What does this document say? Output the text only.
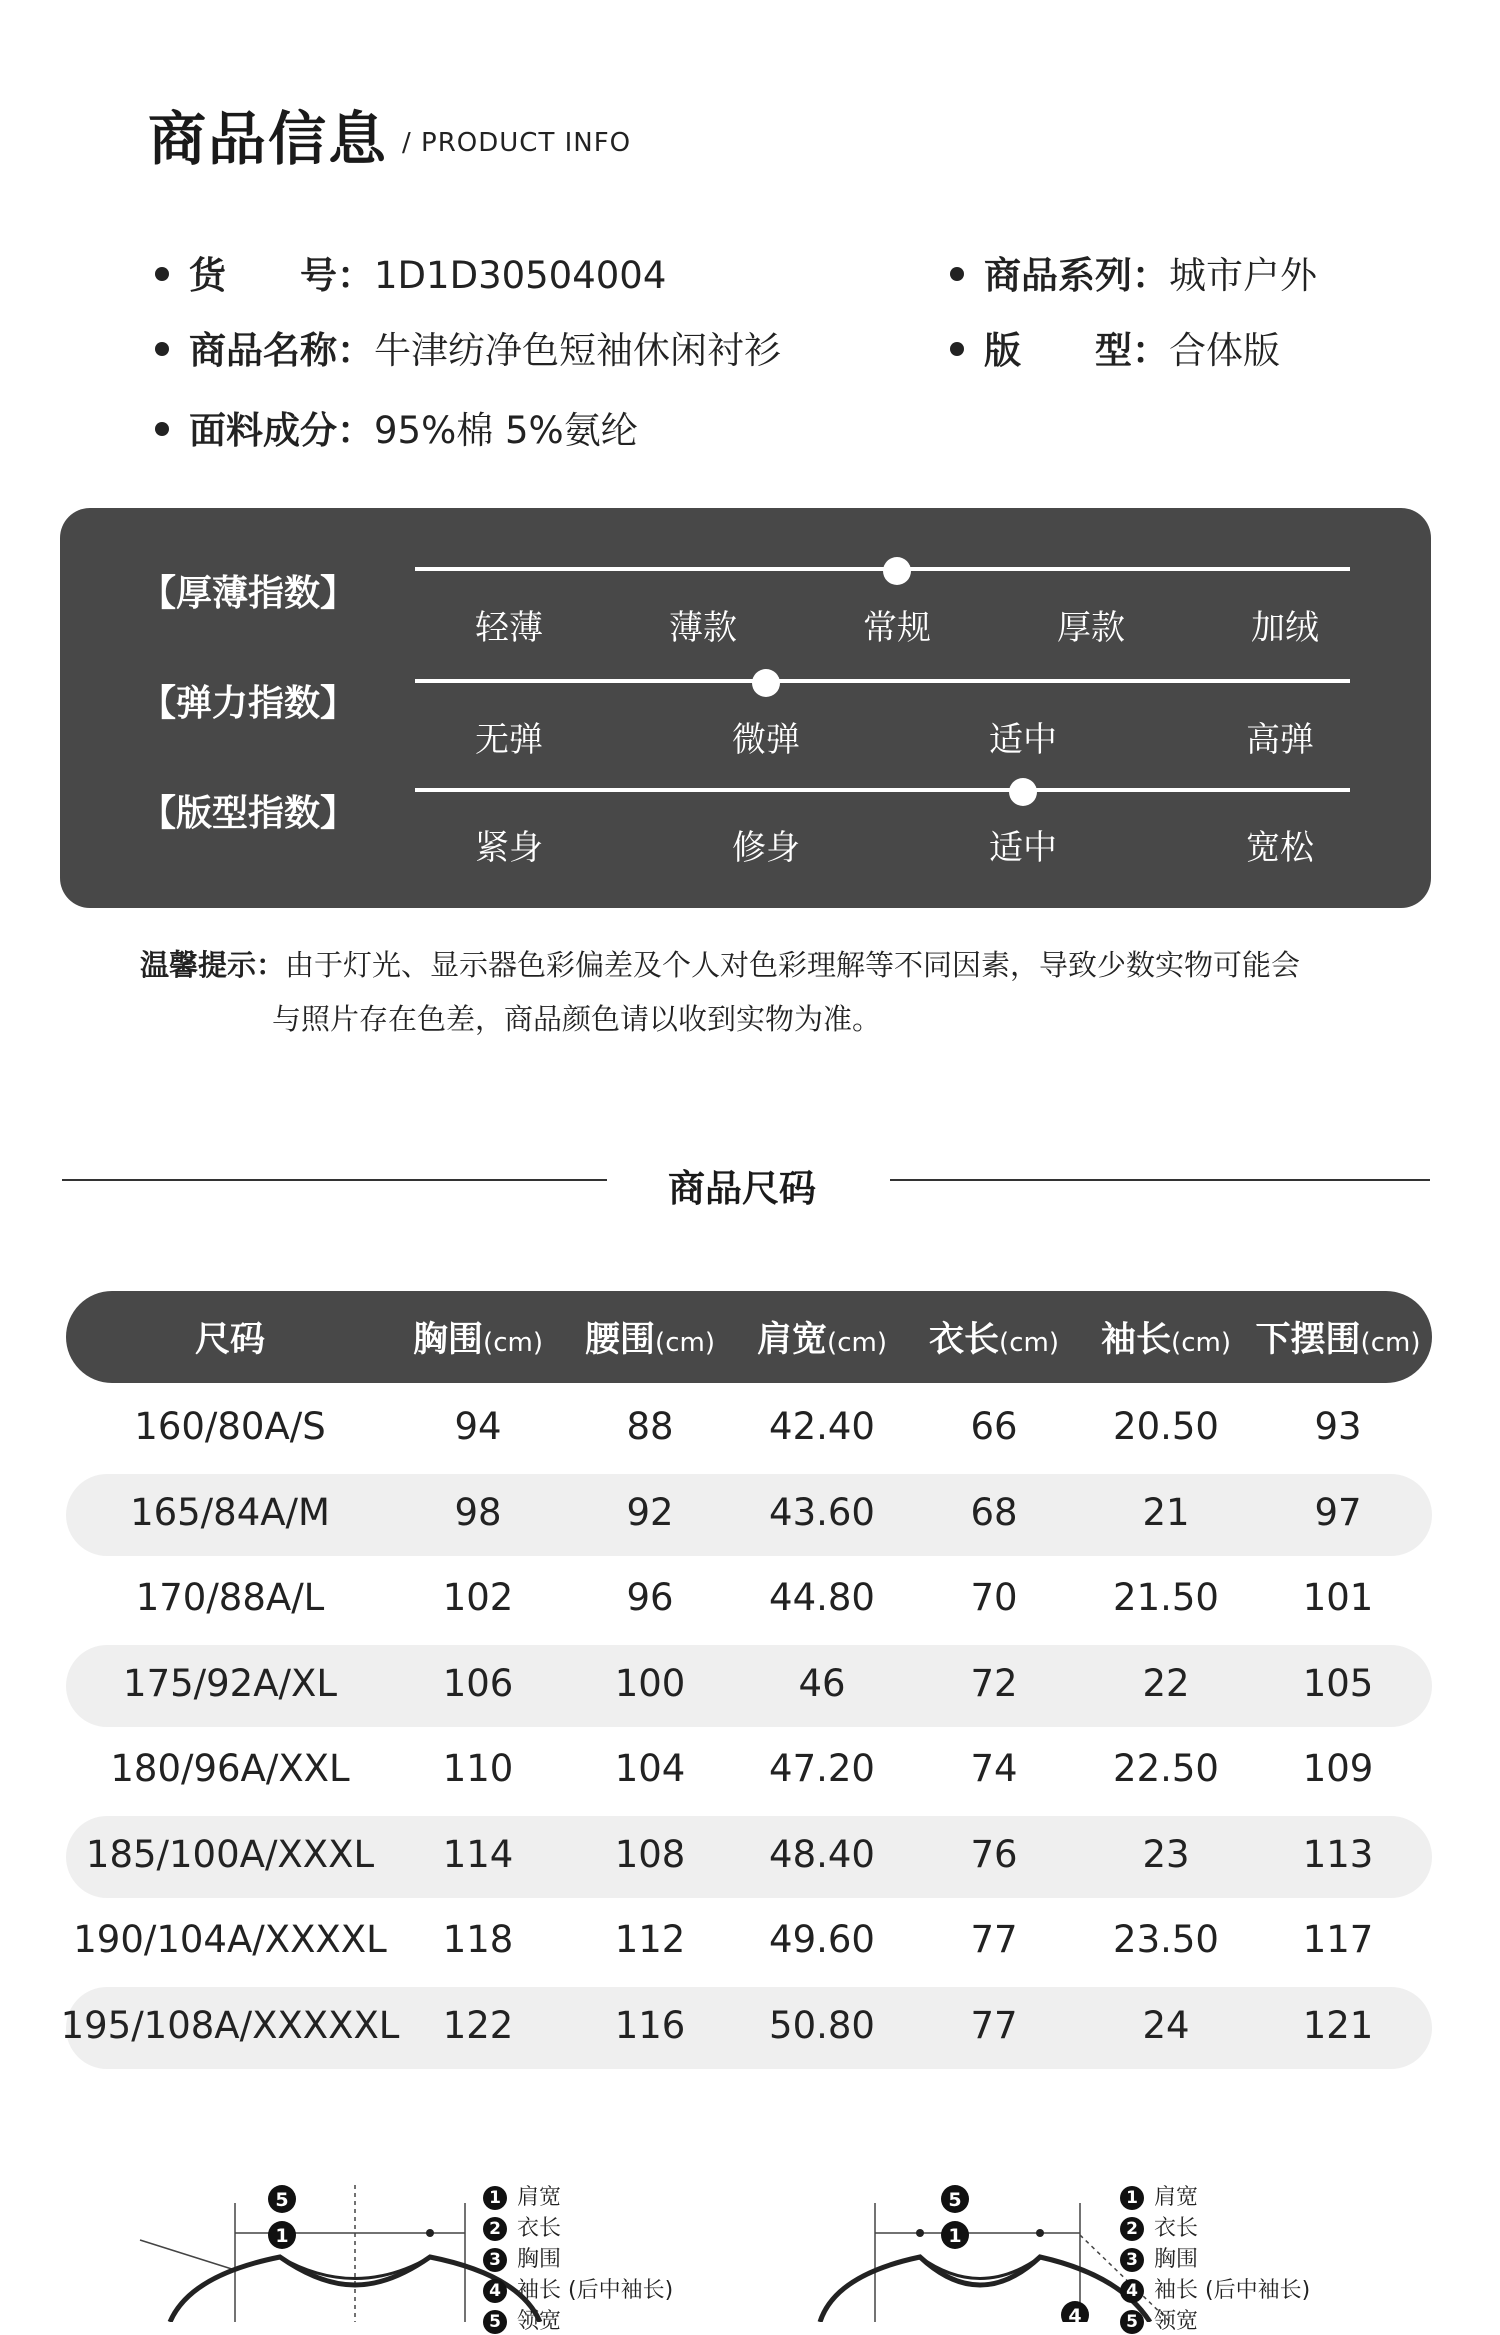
商品信息 / PRODUCT INFO
货　　号：1D1D30504004	商品系列：城市户外
商品名称：牛津纺净色短袖休闲衬衫	版　　型：合体版
面料成分：95%棉 5%氨纶
【厚薄指数】
轻薄	薄款	常规	厚款	加绒
【弹力指数】
无弹	微弹	适中	高弹
【版型指数】
紧身	修身	适中	宽松
温馨提示：由于灯光、显示器色彩偏差及个人对色彩理解等不同因素，导致少数实物可能会
与照片存在色差，商品颜色请以收到实物为准。
商品尺码
尺码	胸围(cm) 腰围(cm) 肩宽(cm) 衣长(cm) 袖长(cm) 下摆围(cm)
160/80A/S	94	88	42.40	66	20.50	93
165/84A/M	98	92	43.60	68	21	97
170/88A/L	102	96	44.80	70	21.50 101
175/92A/XL	106	100	46	72	22	105
180/96A/XXL	110	104 47.20	74	22.50 109
185/100A/XXXL 114	108 48.40	76	23	113
190/104A/XXXXL 118	112 49.60	77	23.50 117
195/108A/XXXXXL 122	116 50.80	77	24	121
5
1
1 肩宽
2 衣长
3 胸围
4 袖长 (后中袖长)
5 领宽
5
1
4
1 肩宽
2 衣长
3 胸围
4 袖长 (后中袖长)
5 领宽
